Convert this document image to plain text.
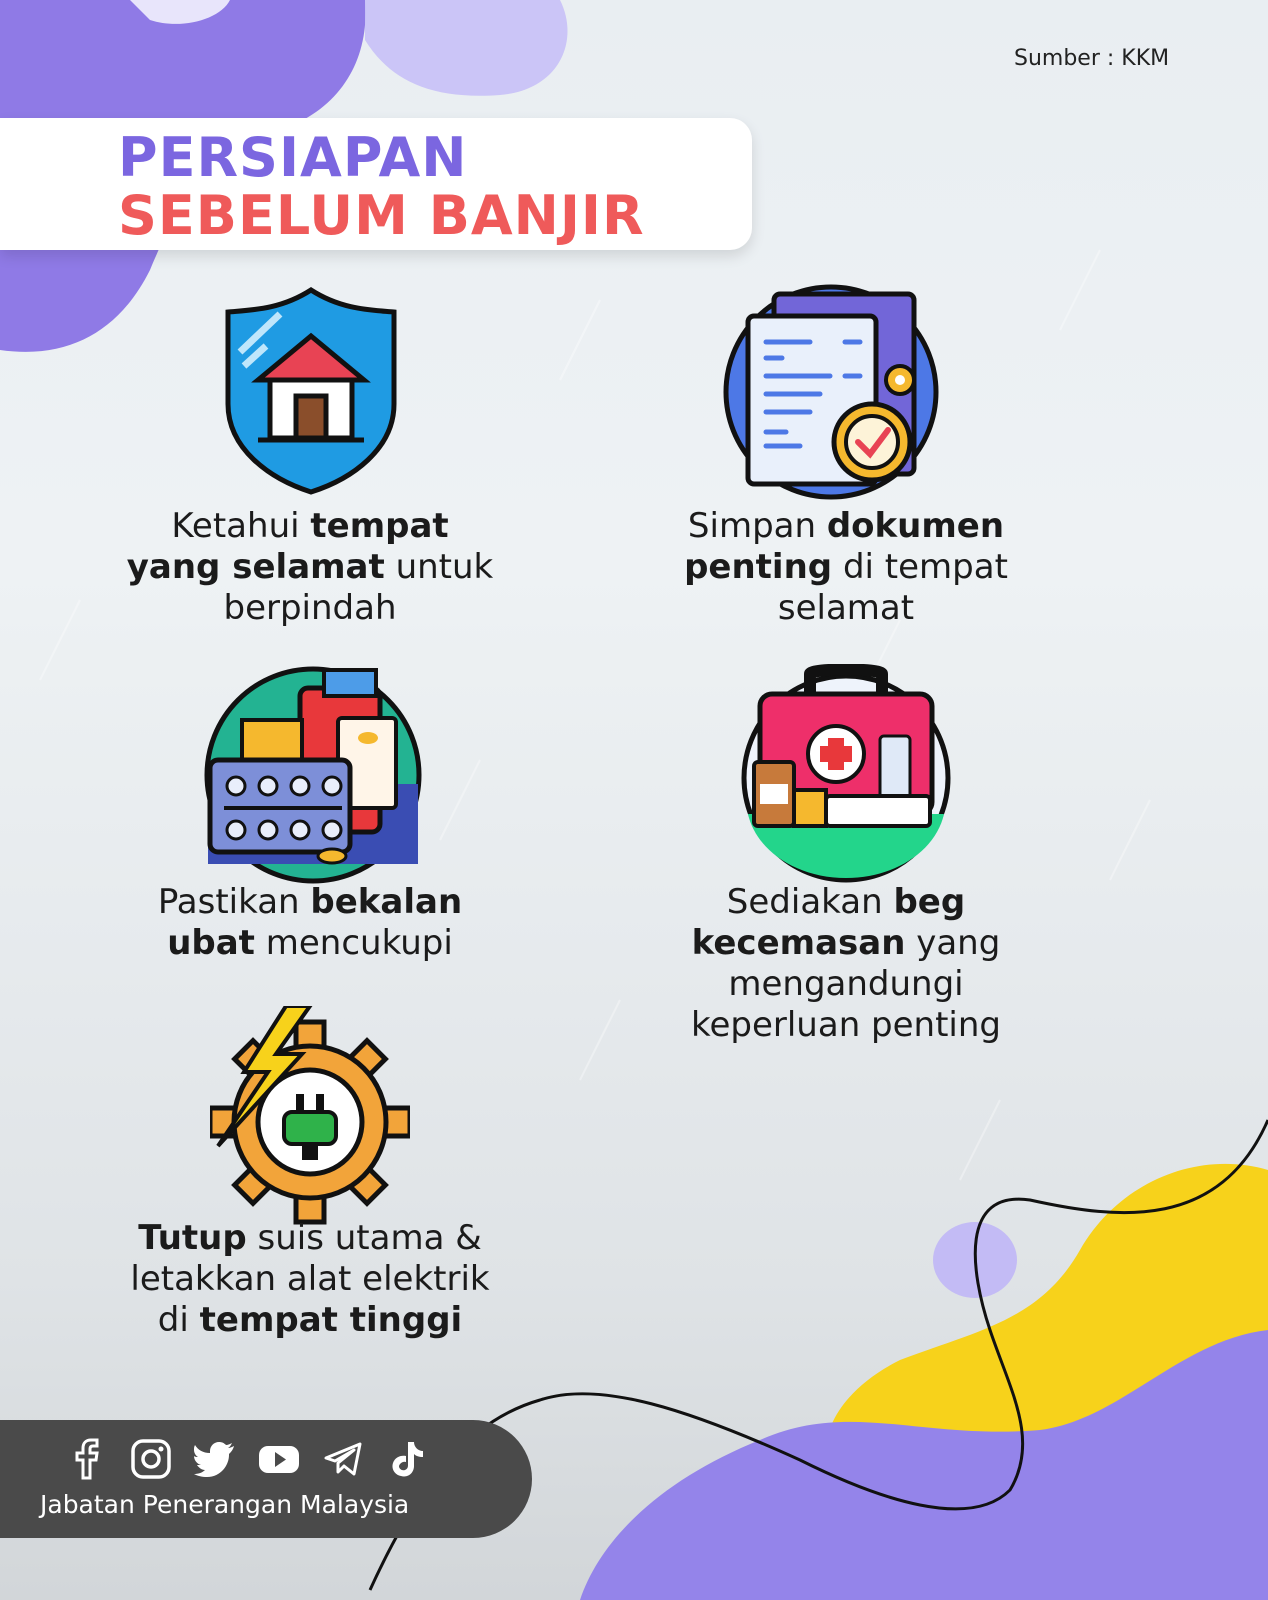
Sumber : KKM
PERSIAPAN
SEBELUM BANJIR
Ketahui tempat
yang selamat untuk
berpindah
Simpan dokumen
penting di tempat
selamat
Pastikan bekalan
ubat mencukupi
Sediakan beg
kecemasan yang
mengandungi
keperluan penting
Tutup suis utama &
letakkan alat elektrik
di tempat tinggi
Jabatan Penerangan Malaysia
